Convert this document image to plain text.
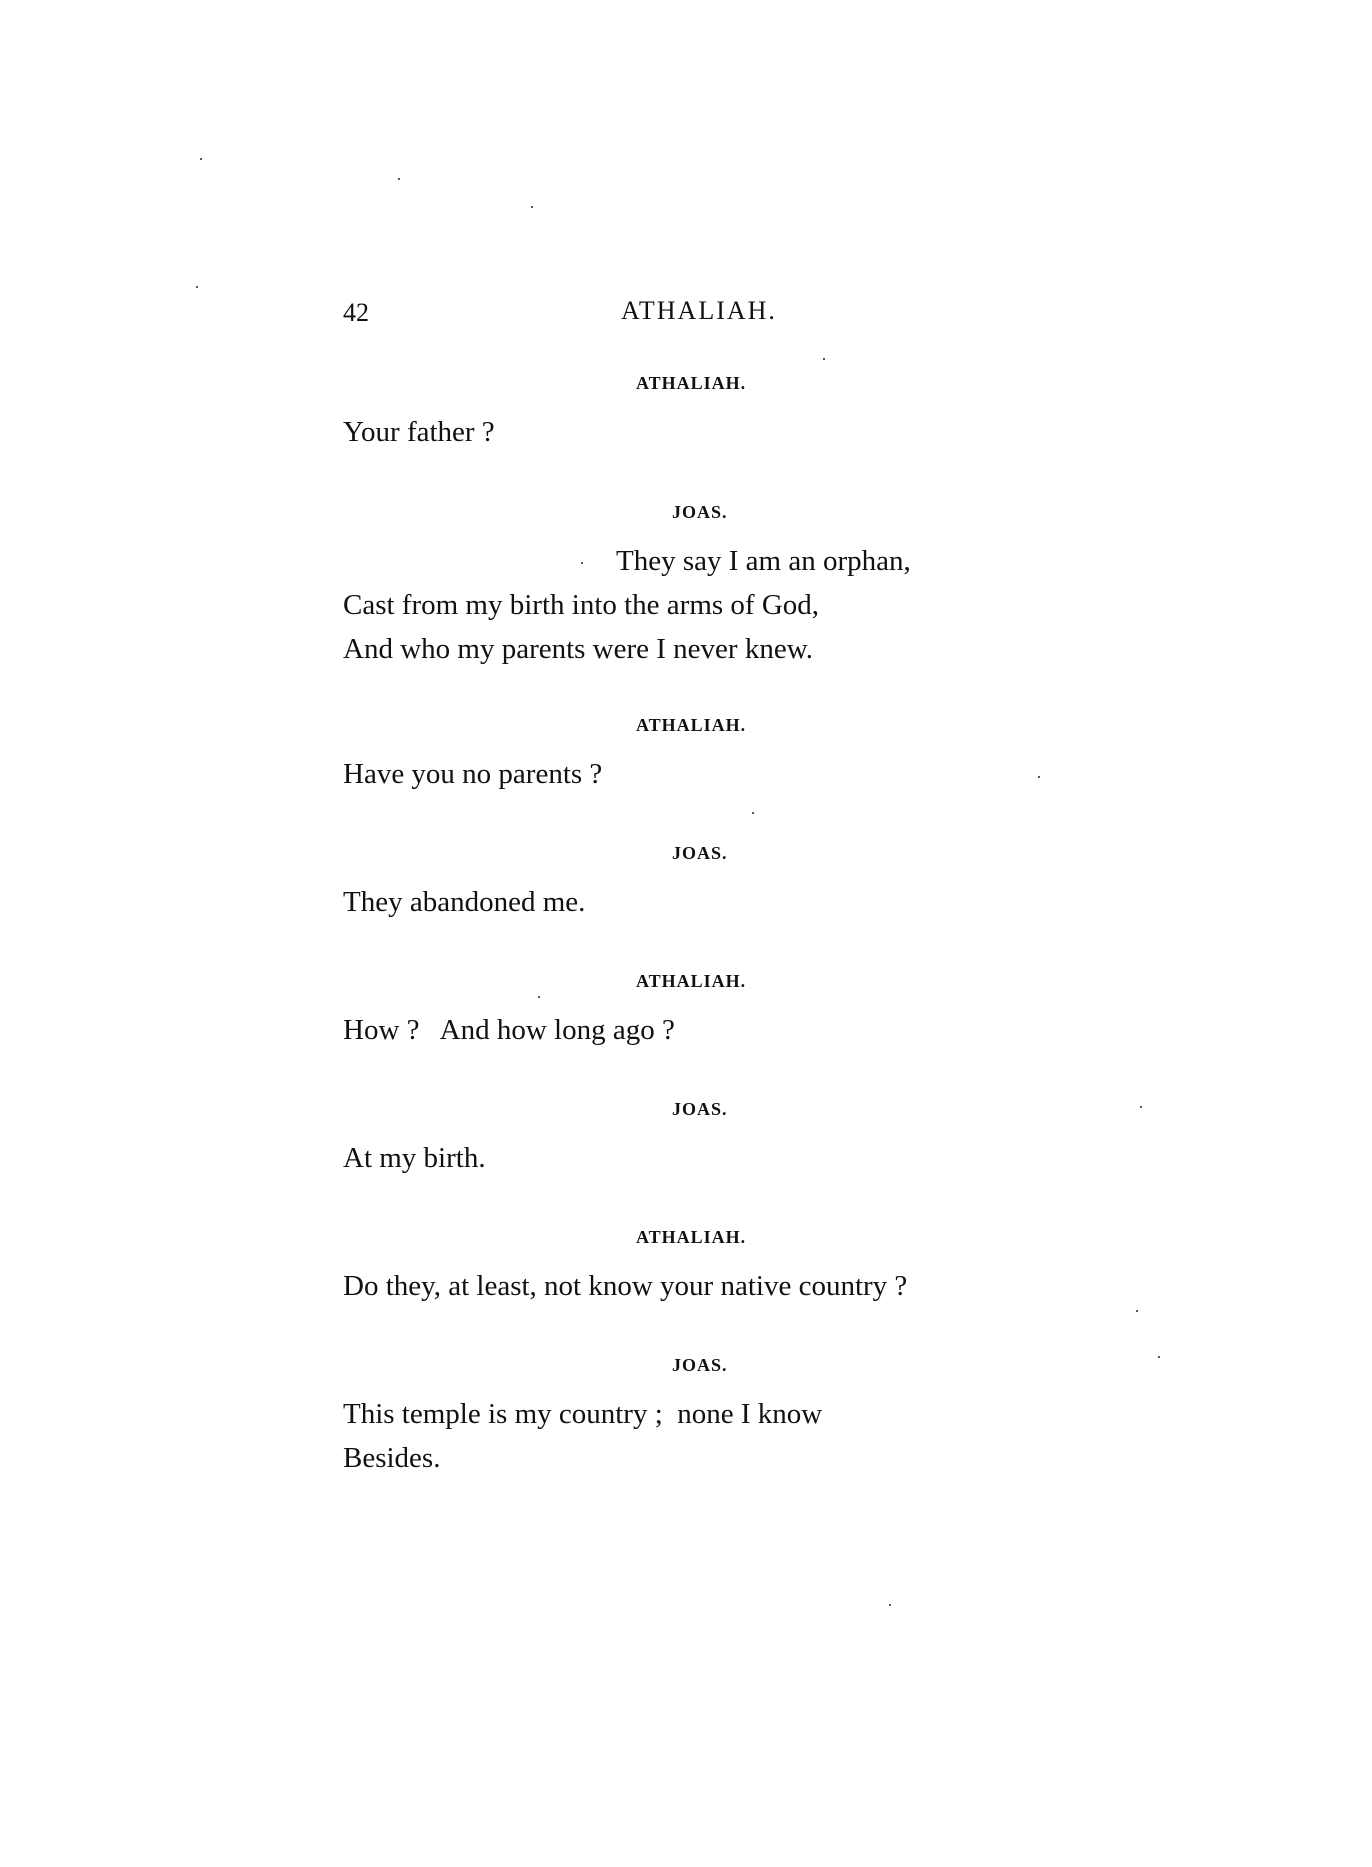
42	ATHALIAH.
ATHALIAH.
Your father ?
JOAS.
They say I am an orphan,
Cast from my birth into the arms of God,
And who my parents were I never knew.
ATHALIAH.
Have you no parents ?
JOAS.
They abandoned me.
ATHALIAH.
How ?   And how long ago ?
JOAS.
At my birth.
ATHALIAH.
Do they, at least, not know your native country ?
JOAS.
This temple is my country ;  none I know
Besides.
